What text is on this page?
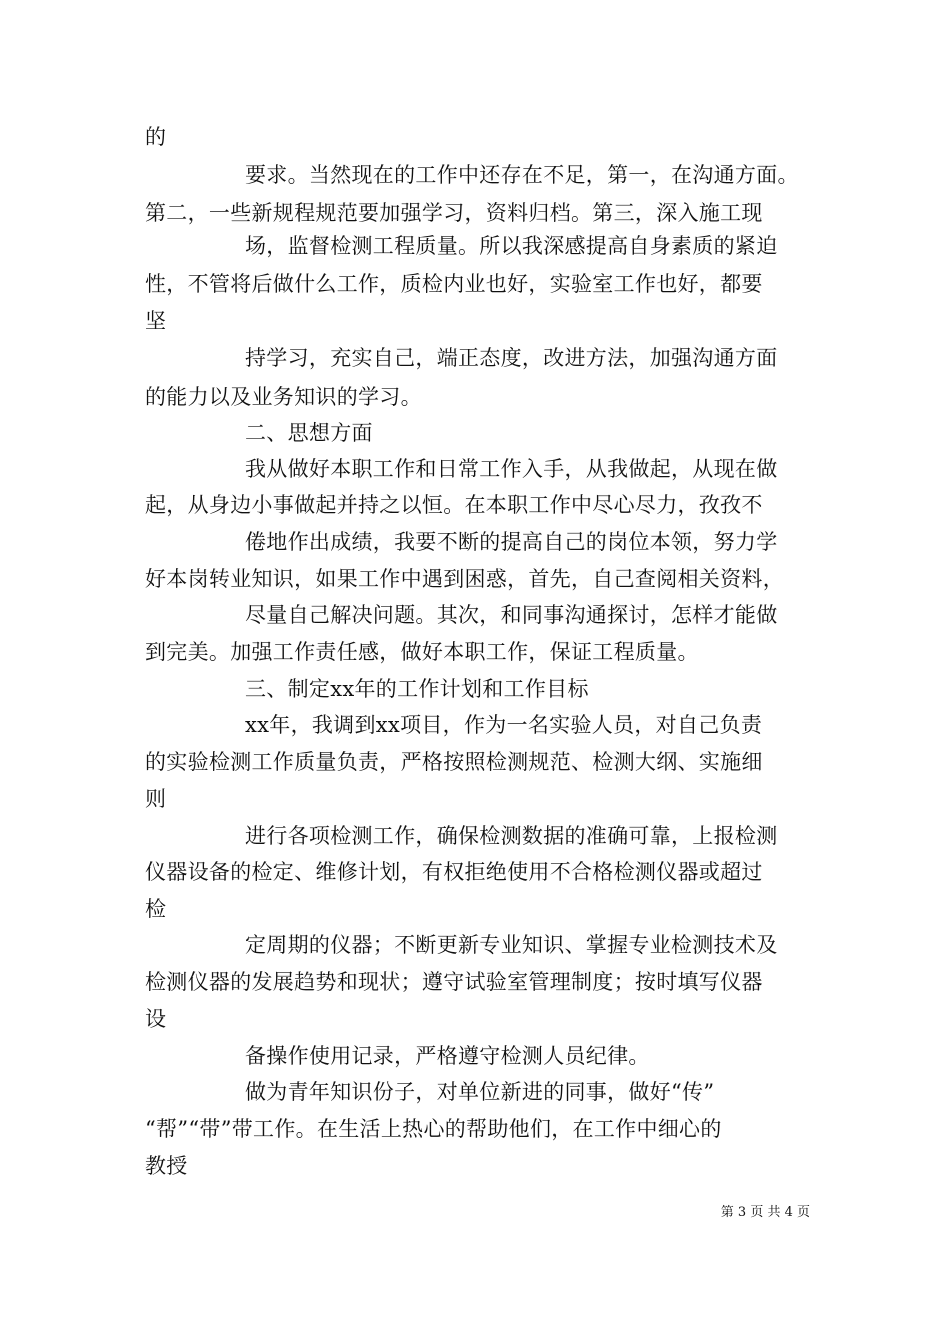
的
要求。当然现在的工作中还存在不足，第一，在沟通方面。
第二，一些新规程规范要加强学习，资料归档。第三，深入施工现
场，监督检测工程质量。所以我深感提高自身素质的紧迫
性，不管将后做什么工作，质检内业也好，实验室工作也好，都要
坚
持学习，充实自己，端正态度，改进方法，加强沟通方面
的能力以及业务知识的学习。
二、思想方面
我从做好本职工作和日常工作入手，从我做起，从现在做
起，从身边小事做起并持之以恒。在本职工作中尽心尽力，孜孜不
倦地作出成绩，我要不断的提高自己的岗位本领，努力学
好本岗转业知识，如果工作中遇到困惑，首先，自己查阅相关资料，
尽量自己解决问题。其次，和同事沟通探讨，怎样才能做
到完美。加强工作责任感，做好本职工作，保证工程质量。
三、制定xx年的工作计划和工作目标
xx年，我调到xx项目，作为一名实验人员，对自己负责
的实验检测工作质量负责，严格按照检测规范、检测大纲、实施细
则
进行各项检测工作，确保检测数据的准确可靠，上报检测
仪器设备的检定、维修计划，有权拒绝使用不合格检测仪器或超过
检
定周期的仪器；不断更新专业知识、掌握专业检测技术及
检测仪器的发展趋势和现状；遵守试验室管理制度；按时填写仪器
设
备操作使用记录，严格遵守检测人员纪律。
做为青年知识份子，对单位新进的同事，做好“传”
“帮”“带”带工作。在生活上热心的帮助他们，在工作中细心的
教授
第 3 页 共 4 页
